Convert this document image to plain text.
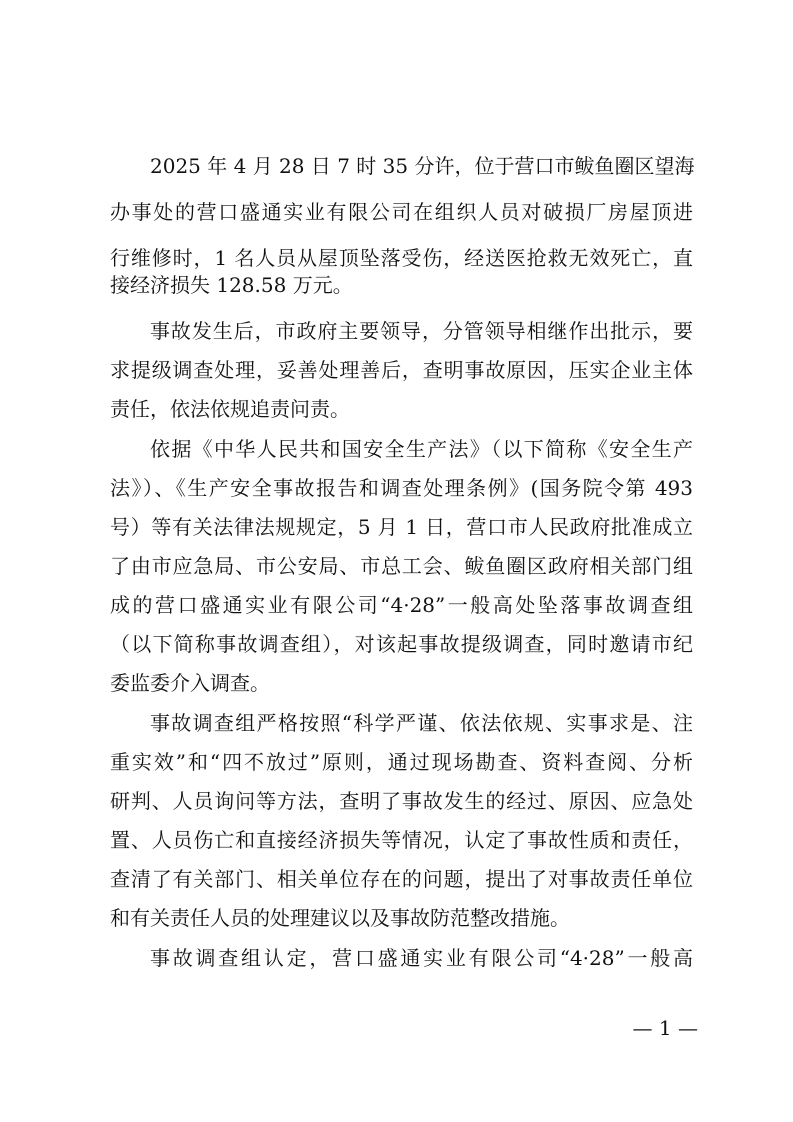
2025 年 4 月 28 日 7 时 35 分许，位于营口市鲅鱼圈区望海
办事处的营口盛通实业有限公司在组织人员对破损厂房屋顶进
行维修时，1 名人员从屋顶坠落受伤，经送医抢救无效死亡，直
接经济损失 128.58 万元。
事故发生后，市政府主要领导，分管领导相继作出批示，要
求提级调查处理，妥善处理善后，查明事故原因，压实企业主体
责任，依法依规追责问责。
依据《中华人民共和国安全生产法》（以下简称《安全生产
法》）、《生产安全事故报告和调查处理条例》(国务院令第 493
号）等有关法律法规规定，5 月 1 日，营口市人民政府批准成立
了由市应急局、市公安局、市总工会、鲅鱼圈区政府相关部门组
成的营口盛通实业有限公司“4·28”一般高处坠落事故调查组
（以下简称事故调查组），对该起事故提级调查，同时邀请市纪
委监委介入调查。
事故调查组严格按照“科学严谨、依法依规、实事求是、注
重实效”和“四不放过”原则，通过现场勘查、资料查阅、分析
研判、人员询问等方法，查明了事故发生的经过、原因、应急处
置、人员伤亡和直接经济损失等情况，认定了事故性质和责任，
查清了有关部门、相关单位存在的问题，提出了对事故责任单位
和有关责任人员的处理建议以及事故防范整改措施。
事故调查组认定，营口盛通实业有限公司“4·28”一般高
— 1 —
